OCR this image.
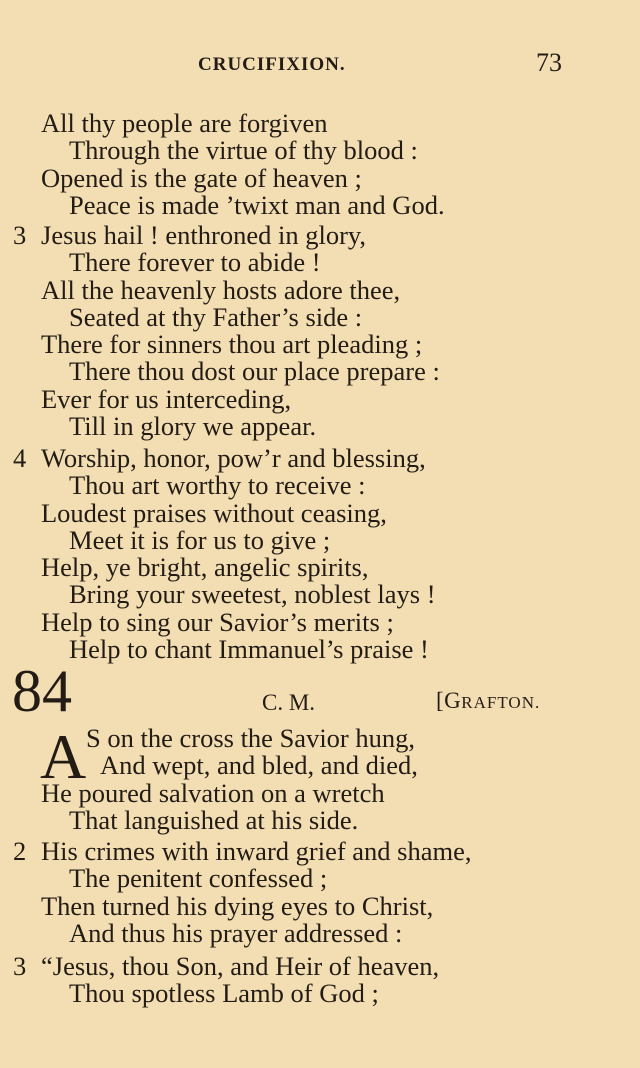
CRUCIFIXION.	73
All thy people are forgiven
Through the virtue of thy blood :
Opened is the gate of heaven ;
Peace is made ’twixt man and God.
3 Jesus hail ! enthroned in glory,
There forever to abide !
All the heavenly hosts adore thee,
Seated at thy Father’s side :
There for sinners thou art pleading ;
There thou dost our place prepare :
Ever for us interceding,
Till in glory we appear.
4 Worship, honor, pow’r and blessing,
Thou art worthy to receive :
Loudest praises without ceasing,
Meet it is for us to give ;
Help, ye bright, angelic spirits,
Bring your sweetest, noblest lays !
Help to sing our Savior’s merits ;
Help to chant Immanuel’s praise !
84	C. M.	[GRAFTON.
A S on the cross the Savior hung,
And wept, and bled, and died,
He poured salvation on a wretch
That languished at his side.
2 His crimes with inward grief and shame,
The penitent confessed ;
Then turned his dying eyes to Christ,
And thus his prayer addressed :
3 “Jesus, thou Son, and Heir of heaven,
Thou spotless Lamb of God ;
